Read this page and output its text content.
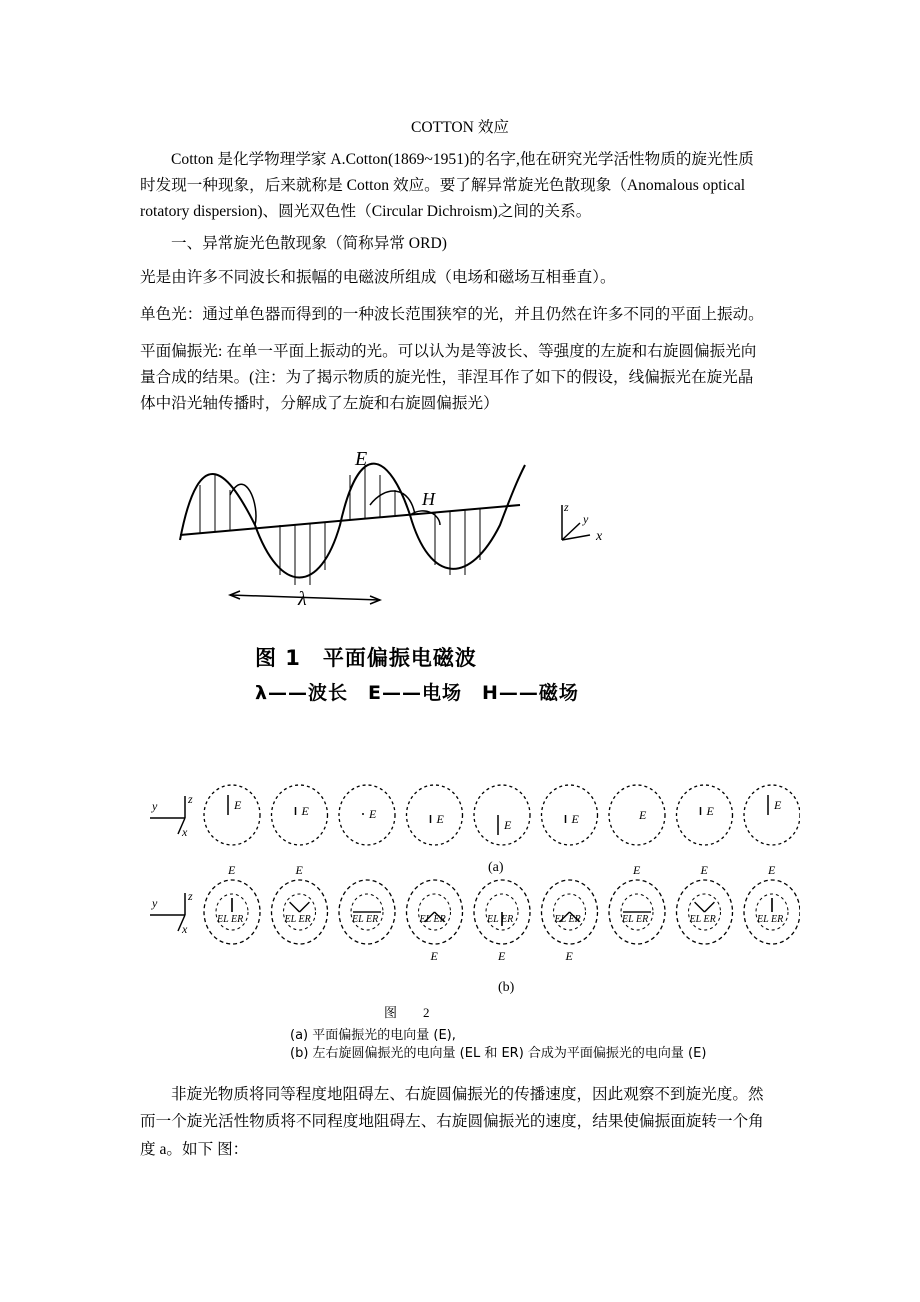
COTTON 效应
Cotton 是化学物理学家 A.Cotton(1869~1951)的名字,他在研究光学活性物质的旋光性质
时发现一种现象，后来就称是 Cotton 效应。要了解异常旋光色散现象（Anomalous optical
rotatory dispersion)、圆光双色性（Circular Dichroism)之间的关系。
一、异常旋光色散现象（简称异常 ORD)
光是由许多不同波长和振幅的电磁波所组成（电场和磁场互相垂直）。
单色光：通过单色器而得到的一种波长范围狭窄的光，并且仍然在许多不同的平面上振动。
平面偏振光: 在单一平面上振动的光。可以认为是等波长、等强度的左旋和右旋圆偏振光向
量合成的结果。(注：为了揭示物质的旋光性，菲涅耳作了如下的假设，线偏振光在旋光晶
体中沿光轴传播时，分解成了左旋和右旋圆偏振光）
E
H
λ
z
y
x
图 1　平面偏振电磁波
λ——波长　E——电场　H——磁场
z
y
x
z
y
x
E	E	E	E	E	E	E	E	E
E
EL ER
E
EL ER	EL ER
E
EL ER
E
EL ER
E
EL ER
E
EL ER
E
EL ER
E
EL ER
(a)
(b)
图　　2
(a) 平面偏振光的电向量 (E),
(b) 左右旋圆偏振光的电向量 (EL 和 ER) 合成为平面偏振光的电向量 (E)
非旋光物质将同等程度地阻碍左、右旋圆偏振光的传播速度，因此观察不到旋光度。然
而一个旋光活性物质将不同程度地阻碍左、右旋圆偏振光的速度，结果使偏振面旋转一个角
度 a。如下 图：
